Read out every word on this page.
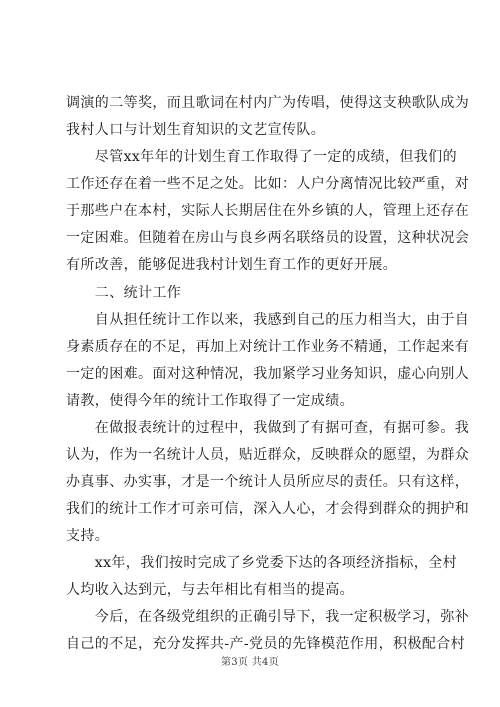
调演的二等奖，而且歌词在村内广为传唱，使得这支秧歌队成为
我村人口与计划生育知识的文艺宣传队。
　　尽管xx年年的计划生育工作取得了一定的成绩，但我们的
工作还存在着一些不足之处。比如：人户分离情况比较严重，对
于那些户在本村，实际人长期居住在外乡镇的人，管理上还存在
一定困难。但随着在房山与良乡两名联络员的设置，这种状况会
有所改善，能够促进我村计划生育工作的更好开展。
　　二、统计工作
　　自从担任统计工作以来，我感到自己的压力相当大，由于自
身素质存在的不足，再加上对统计工作业务不精通，工作起来有
一定的困难。面对这种情况，我加紧学习业务知识，虚心向别人
请教，使得今年的统计工作取得了一定成绩。
　　在做报表统计的过程中，我做到了有据可查，有据可参。我
认为，作为一名统计人员，贴近群众，反映群众的愿望，为群众
办真事、办实事，才是一个统计人员所应尽的责任。只有这样，
我们的统计工作才可亲可信，深入人心，才会得到群众的拥护和
支持。
　　xx年，我们按时完成了乡党委下达的各项经济指标，全村
人均收入达到元，与去年相比有相当的提高。
　　今后，在各级党组织的正确引导下，我一定积极学习，弥补
自己的不足，充分发挥共-产-党员的先锋模范作用，积极配合村
第3页 共4页
